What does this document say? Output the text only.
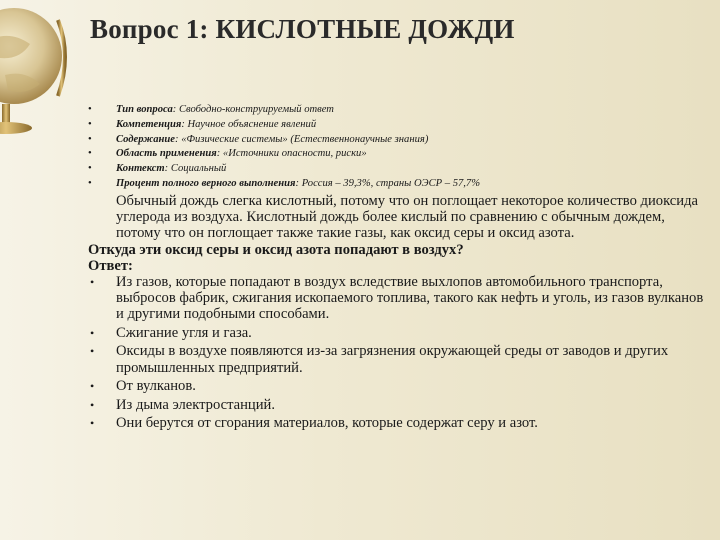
Вопрос 1: КИСЛОТНЫЕ ДОЖДИ
• Тип вопроса: Свободно-конструируемый ответ
• Компетенция: Научное объяснение явлений
• Содержание: «Физические системы» (Естественнонаучные знания)
• Область применения: «Источники опасности, риски»
• Контекст: Социальный
• Процент полного верного выполнения: Россия – 39,3%, страны ОЭСР – 57,7%

Обычный дождь слегка кислотный, потому что он поглощает некоторое количество диоксида углерода из воздуха. Кислотный дождь более кислый по сравнению с обычным дождем, потому что он поглощает также такие газы, как оксид серы и оксид азота.

Откуда эти оксид серы и оксид азота попадают в воздух?

Ответ:

• Из газов, которые попадают в воздух вследствие выхлопов автомобильного транспорта, выбросов фабрик, сжигания ископаемого топлива, такого как нефть и уголь, из газов вулканов и другими подобными способами.
• Сжигание угля и газа.
• Оксиды в воздухе появляются из-за загрязнения окружающей среды от заводов и других промышленных предприятий.
• От вулканов.
• Из дыма электростанций.
• Они берутся от сгорания материалов, которые содержат серу и азот.
